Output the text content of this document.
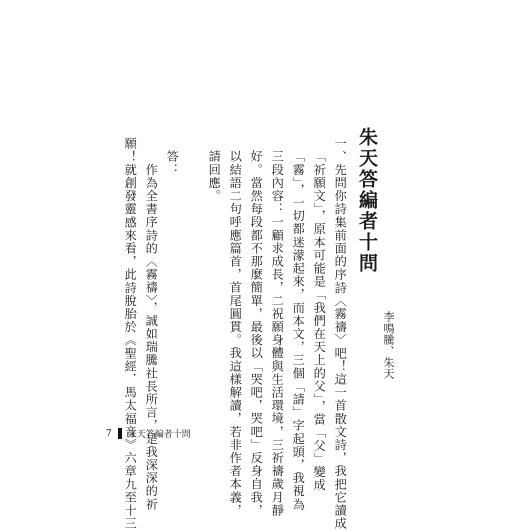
朱天答編者十問
李鳴騰、朱天
一、先問你詩集前面的序詩〈霧禱〉吧！這一首散文詩，我把它讀成
「祈願文」，原本可能是「我們在天上的父」，當「父」變成
「霧」，一切都迷濛起來，而本文，三個「請」字起頭，我視為
三段內容：一顧求成長，二祝願身體與生活環境，三祈禱歲月靜
好。當然每段都不那麼簡單，最後以「哭吧，哭吧」反身自我，
以結語二句呼應篇首，首尾圓貫。我這樣解讀，若非作者本義，
請回應。
答：
　作為全書序詩的〈霧禱〉，誠如瑞騰社長所言，是我深深的祈
願！就創發靈感來看，此詩脫胎於《聖經．馬太福音》六章九至十三
7 朱天答編者十問
